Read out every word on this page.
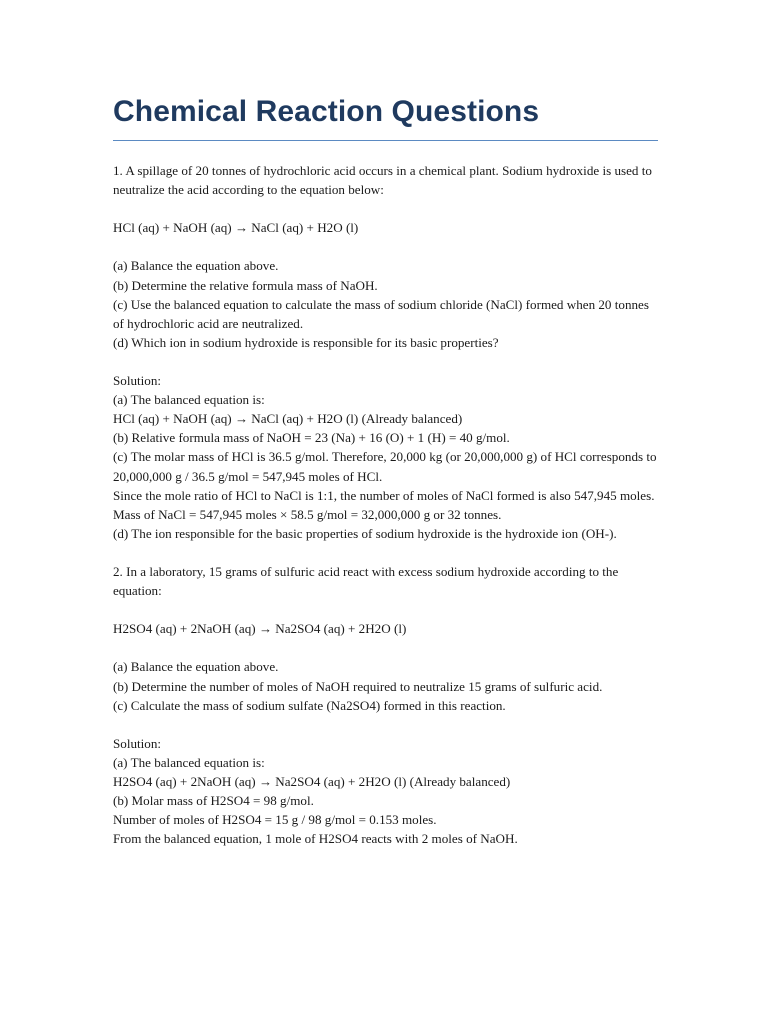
Chemical Reaction Questions

1. A spillage of 20 tonnes of hydrochloric acid occurs in a chemical plant. Sodium hydroxide is used to neutralize the acid according to the equation below:

HCl (aq) + NaOH (aq) → NaCl (aq) + H2O (l)

(a) Balance the equation above.
(b) Determine the relative formula mass of NaOH.
(c) Use the balanced equation to calculate the mass of sodium chloride (NaCl) formed when 20 tonnes of hydrochloric acid are neutralized.
(d) Which ion in sodium hydroxide is responsible for its basic properties?

Solution:
(a) The balanced equation is:
HCl (aq) + NaOH (aq) → NaCl (aq) + H2O (l) (Already balanced)
(b) Relative formula mass of NaOH = 23 (Na) + 16 (O) + 1 (H) = 40 g/mol.
(c) The molar mass of HCl is 36.5 g/mol. Therefore, 20,000 kg (or 20,000,000 g) of HCl corresponds to 20,000,000 g / 36.5 g/mol = 547,945 moles of HCl.
Since the mole ratio of HCl to NaCl is 1:1, the number of moles of NaCl formed is also 547,945 moles.
Mass of NaCl = 547,945 moles × 58.5 g/mol = 32,000,000 g or 32 tonnes.
(d) The ion responsible for the basic properties of sodium hydroxide is the hydroxide ion (OH-).

2. In a laboratory, 15 grams of sulfuric acid react with excess sodium hydroxide according to the equation:

H2SO4 (aq) + 2NaOH (aq) → Na2SO4 (aq) + 2H2O (l)

(a) Balance the equation above.
(b) Determine the number of moles of NaOH required to neutralize 15 grams of sulfuric acid.
(c) Calculate the mass of sodium sulfate (Na2SO4) formed in this reaction.

Solution:
(a) The balanced equation is:
H2SO4 (aq) + 2NaOH (aq) → Na2SO4 (aq) + 2H2O (l) (Already balanced)
(b) Molar mass of H2SO4 = 98 g/mol.
Number of moles of H2SO4 = 15 g / 98 g/mol = 0.153 moles.
From the balanced equation, 1 mole of H2SO4 reacts with 2 moles of NaOH.
